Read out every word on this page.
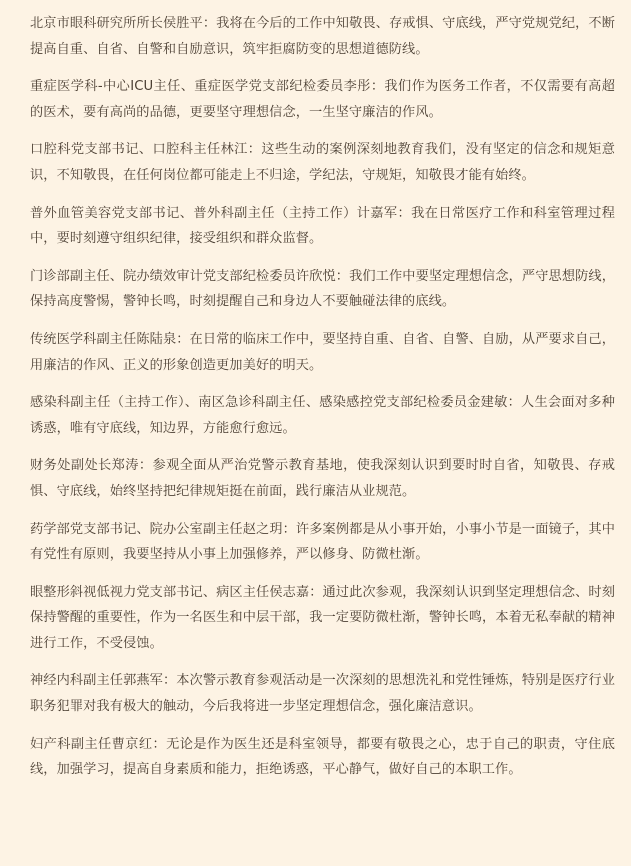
北京市眼科研究所所长侯胜平：我将在今后的工作中知敬畏、存戒惧、守底线，严守党规党纪，不断提高自重、自省、自警和自励意识，筑牢拒腐防变的思想道德防线。

重症医学科-中心ICU主任、重症医学党支部纪检委员李彤：我们作为医务工作者，不仅需要有高超的医术，要有高尚的品德，更要坚守理想信念，一生坚守廉洁的作风。

口腔科党支部书记、口腔科主任林江：这些生动的案例深刻地教育我们，没有坚定的信念和规矩意识，不知敬畏，在任何岗位都可能走上不归途，学纪法，守规矩，知敬畏才能有始终。

普外血管美容党支部书记、普外科副主任（主持工作）计嘉军：我在日常医疗工作和科室管理过程中，要时刻遵守组织纪律，接受组织和群众监督。

门诊部副主任、院办绩效审计党支部纪检委员许欣悦：我们工作中要坚定理想信念，严守思想防线，保持高度警惕，警钟长鸣，时刻提醒自己和身边人不要触碰法律的底线。

传统医学科副主任陈陆泉：在日常的临床工作中，要坚持自重、自省、自警、自励，从严要求自己，用廉洁的作风、正义的形象创造更加美好的明天。

感染科副主任（主持工作）、南区急诊科副主任、感染感控党支部纪检委员金建敏：人生会面对多种诱惑，唯有守底线，知边界，方能愈行愈远。

财务处副处长郑涛：参观全面从严治党警示教育基地，使我深刻认识到要时时自省，知敬畏、存戒惧、守底线，始终坚持把纪律规矩挺在前面，践行廉洁从业规范。

药学部党支部书记、院办公室副主任赵之玥：许多案例都是从小事开始，小事小节是一面镜子，其中有党性有原则，我要坚持从小事上加强修养，严以修身、防微杜渐。

眼整形斜视低视力党支部书记、病区主任侯志嘉：通过此次参观，我深刻认识到坚定理想信念、时刻保持警醒的重要性，作为一名医生和中层干部，我一定要防微杜渐，警钟长鸣，本着无私奉献的精神进行工作，不受侵蚀。

神经内科副主任郭燕军：本次警示教育参观活动是一次深刻的思想洗礼和党性锤炼，特别是医疗行业职务犯罪对我有极大的触动，今后我将进一步坚定理想信念，强化廉洁意识。

妇产科副主任曹京红：无论是作为医生还是科室领导，都要有敬畏之心，忠于自己的职责，守住底线，加强学习，提高自身素质和能力，拒绝诱惑，平心静气，做好自己的本职工作。
